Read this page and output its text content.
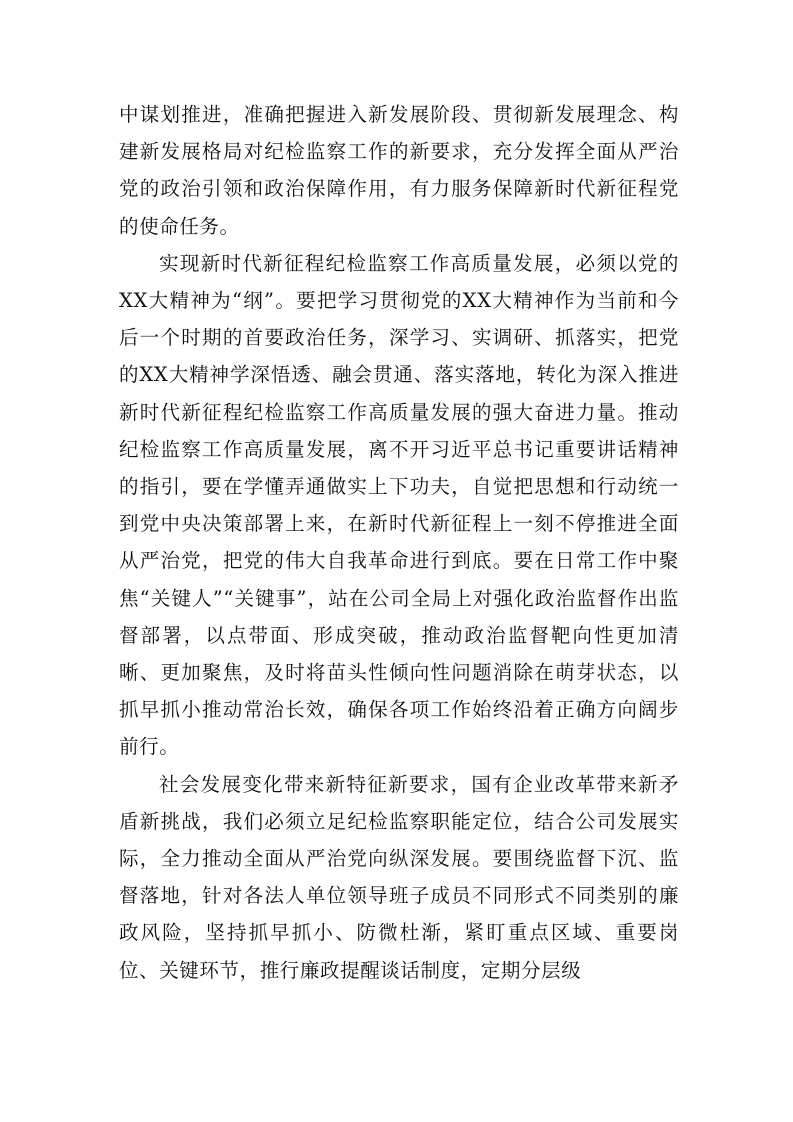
中谋划推进，准确把握进入新发展阶段、贯彻新发展理念、构建新发展格局对纪检监察工作的新要求，充分发挥全面从严治党的政治引领和政治保障作用，有力服务保障新时代新征程党的使命任务。

实现新时代新征程纪检监察工作高质量发展，必须以党的XX大精神为“纲”。要把学习贯彻党的XX大精神作为当前和今后一个时期的首要政治任务，深学习、实调研、抓落实，把党的XX大精神学深悟透、融会贯通、落实落地，转化为深入推进新时代新征程纪检监察工作高质量发展的强大奋进力量。推动纪检监察工作高质量发展，离不开习近平总书记重要讲话精神的指引，要在学懂弄通做实上下功夫，自觉把思想和行动统一到党中央决策部署上来，在新时代新征程上一刻不停推进全面从严治党，把党的伟大自我革命进行到底。要在日常工作中聚焦“关键人”“关键事”，站在公司全局上对强化政治监督作出监督部署，以点带面、形成突破，推动政治监督靶向性更加清晰、更加聚焦，及时将苗头性倾向性问题消除在萌芽状态，以抓早抓小推动常治长效，确保各项工作始终沿着正确方向阔步前行。

社会发展变化带来新特征新要求，国有企业改革带来新矛盾新挑战，我们必须立足纪检监察职能定位，结合公司发展实际，全力推动全面从严治党向纵深发展。要围绕监督下沉、监督落地，针对各法人单位领导班子成员不同形式不同类别的廉政风险，坚持抓早抓小、防微杜渐，紧盯重点区域、重要岗位、关键环节，推行廉政提醒谈话制度，定期分层级
